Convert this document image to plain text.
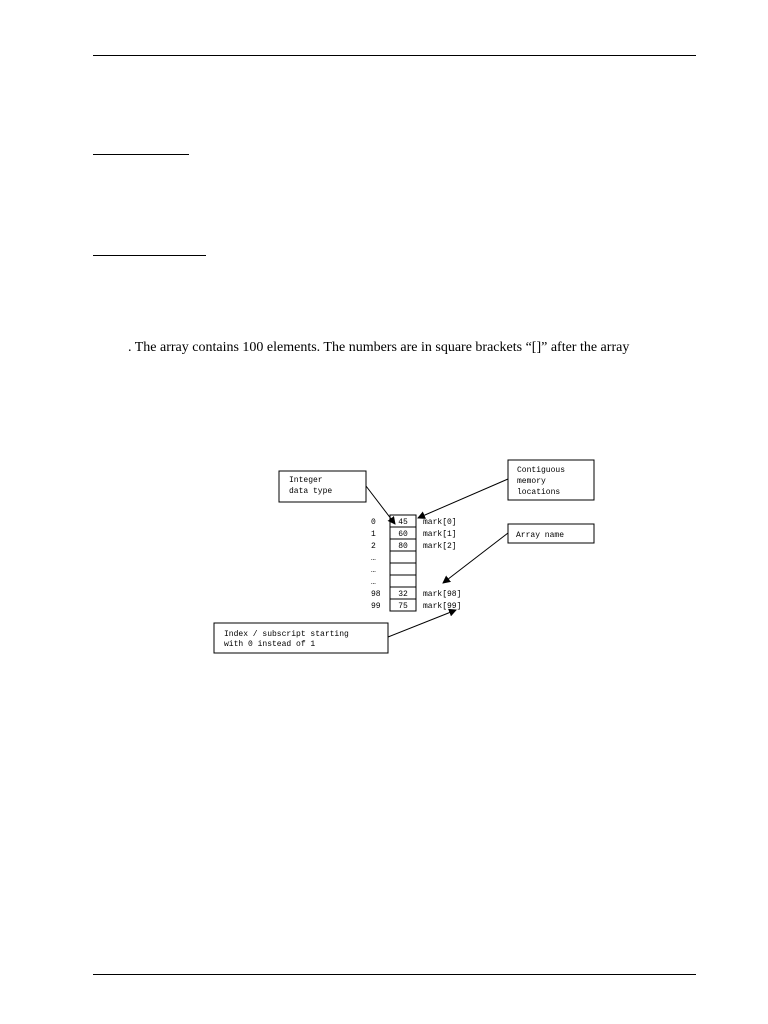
. The array contains 100 elements. The numbers are in square brackets “[]” after the array
Integer
data type
Contiguous
memory
locations
Array name
Index / subscript starting
with 0 instead of 1
0
1
2
…
…
…
98
99
45
60
80
32
75
mark[0]
mark[1]
mark[2]
mark[98]
mark[99]
